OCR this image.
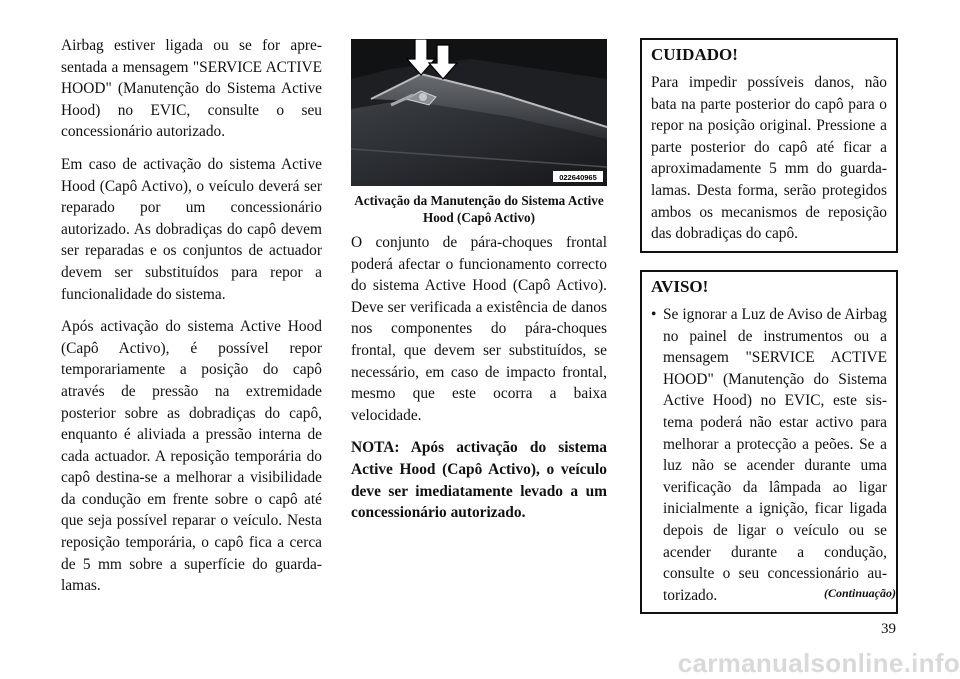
Airbag estiver ligada ou se for apresentada a mensagem "SERVICE ACTIVE HOOD" (Manutenção do Sistema Active Hood) no EVIC, consulte o seu concessionário autorizado.

Em caso de activação do sistema Active Hood (Capô Activo), o veículo deverá ser reparado por um concessionário autorizado. As dobradiças do capô devem ser reparadas e os conjuntos de actuador devem ser substituídos para repor a funcionalidade do sistema.

Após activação do sistema Active Hood (Capô Activo), é possível repor temporariamente a posição do capô através de pressão na extremidade posterior sobre as dobradiças do capô, enquanto é aliviada a pressão interna de cada actuador. A reposição temporária do capô destina-se a melhorar a visibilidade da condução em frente sobre o capô até que seja possível reparar o veículo. Nesta reposição temporária, o capô fica a cerca de 5 mm sobre a superfície do guarda-lamas.

022640965
Activação da Manutenção do Sistema Active Hood (Capô Activo)

O conjunto de pára-choques frontal poderá afectar o funcionamento correcto do sistema Active Hood (Capô Activo). Deve ser verificada a existência de danos nos componentes do pára-choques frontal, que devem ser substituídos, se necessário, em caso de impacto frontal, mesmo que este ocorra a baixa velocidade.

NOTA: Após activação do sistema Active Hood (Capô Activo), o veículo deve ser imediatamente levado a um concessionário autorizado.

CUIDADO!

Para impedir possíveis danos, não bata na parte posterior do capô para o repor na posição original. Pressione a parte posterior do capô até ficar a aproximadamente 5 mm do guarda-lamas. Desta forma, serão protegidos ambos os mecanismos de reposição das dobradiças do capô.

AVISO!
• Se ignorar a Luz de Aviso de Airbag no painel de instrumentos ou a mensagem "SERVICE ACTIVE HOOD" (Manutenção do Sistema Active Hood) no EVIC, este sistema poderá não estar activo para melhorar a protecção a peões. Se a luz não se acender durante uma verificação da lâmpada ao ligar inicialmente a ignição, ficar ligada depois de ligar o veículo ou se acender durante a condução, consulte o seu concessionário autorizado.	(Continuação)
39
carmanualsonline.info
